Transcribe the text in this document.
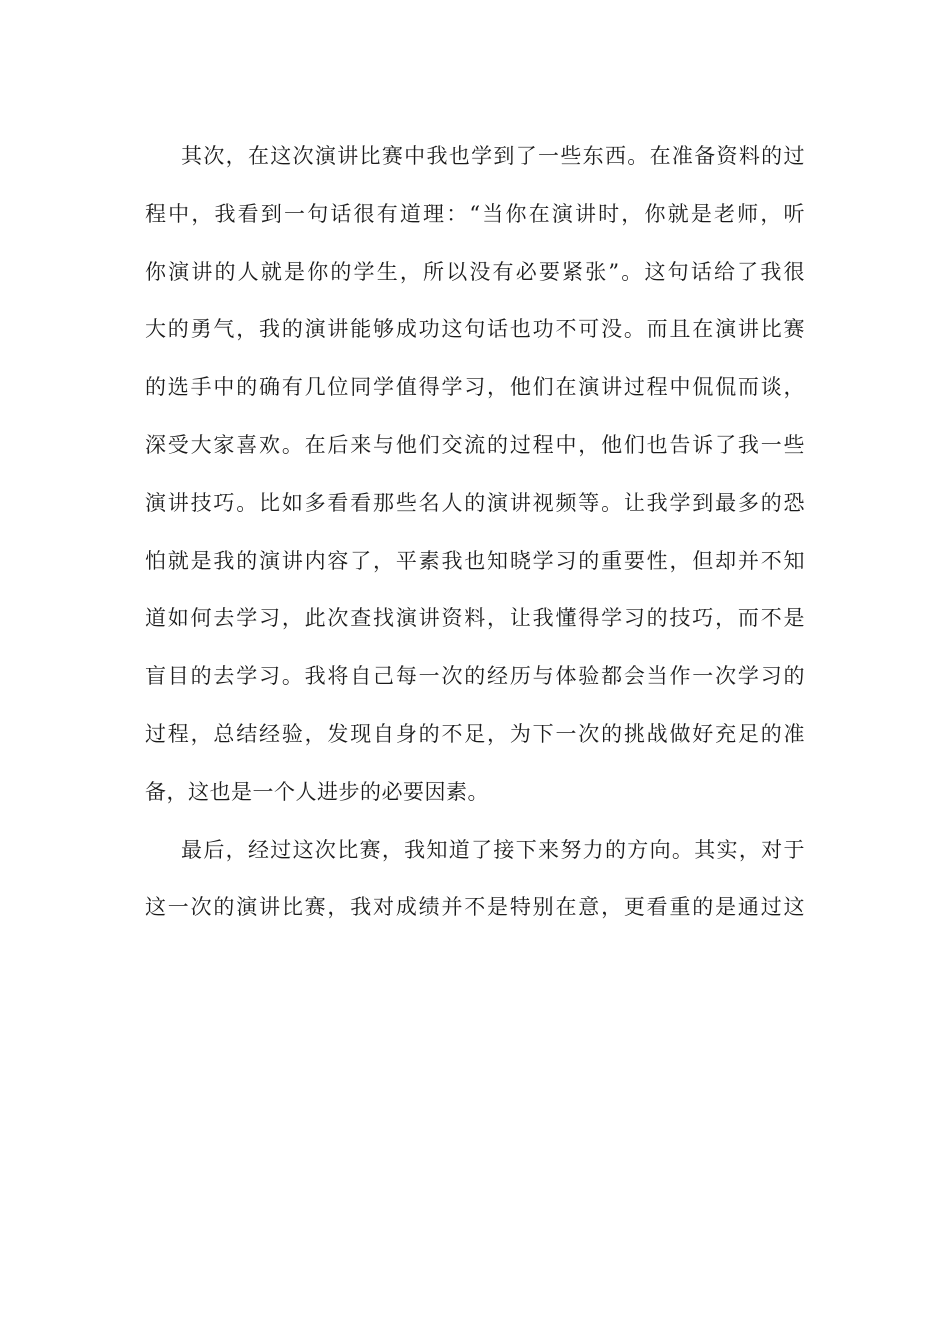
其次，在这次演讲比赛中我也学到了一些东西。在准备资料的过
程中，我看到一句话很有道理：“当你在演讲时，你就是老师，听
你演讲的人就是你的学生，所以没有必要紧张”。这句话给了我很
大的勇气，我的演讲能够成功这句话也功不可没。而且在演讲比赛
的选手中的确有几位同学值得学习，他们在演讲过程中侃侃而谈，
深受大家喜欢。在后来与他们交流的过程中，他们也告诉了我一些
演讲技巧。比如多看看那些名人的演讲视频等。让我学到最多的恐
怕就是我的演讲内容了，平素我也知晓学习的重要性，但却并不知
道如何去学习，此次查找演讲资料，让我懂得学习的技巧，而不是
盲目的去学习。我将自己每一次的经历与体验都会当作一次学习的
过程，总结经验，发现自身的不足，为下一次的挑战做好充足的准
备，这也是一个人进步的必要因素。
最后，经过这次比赛，我知道了接下来努力的方向。其实，对于
这一次的演讲比赛，我对成绩并不是特别在意，更看重的是通过这
